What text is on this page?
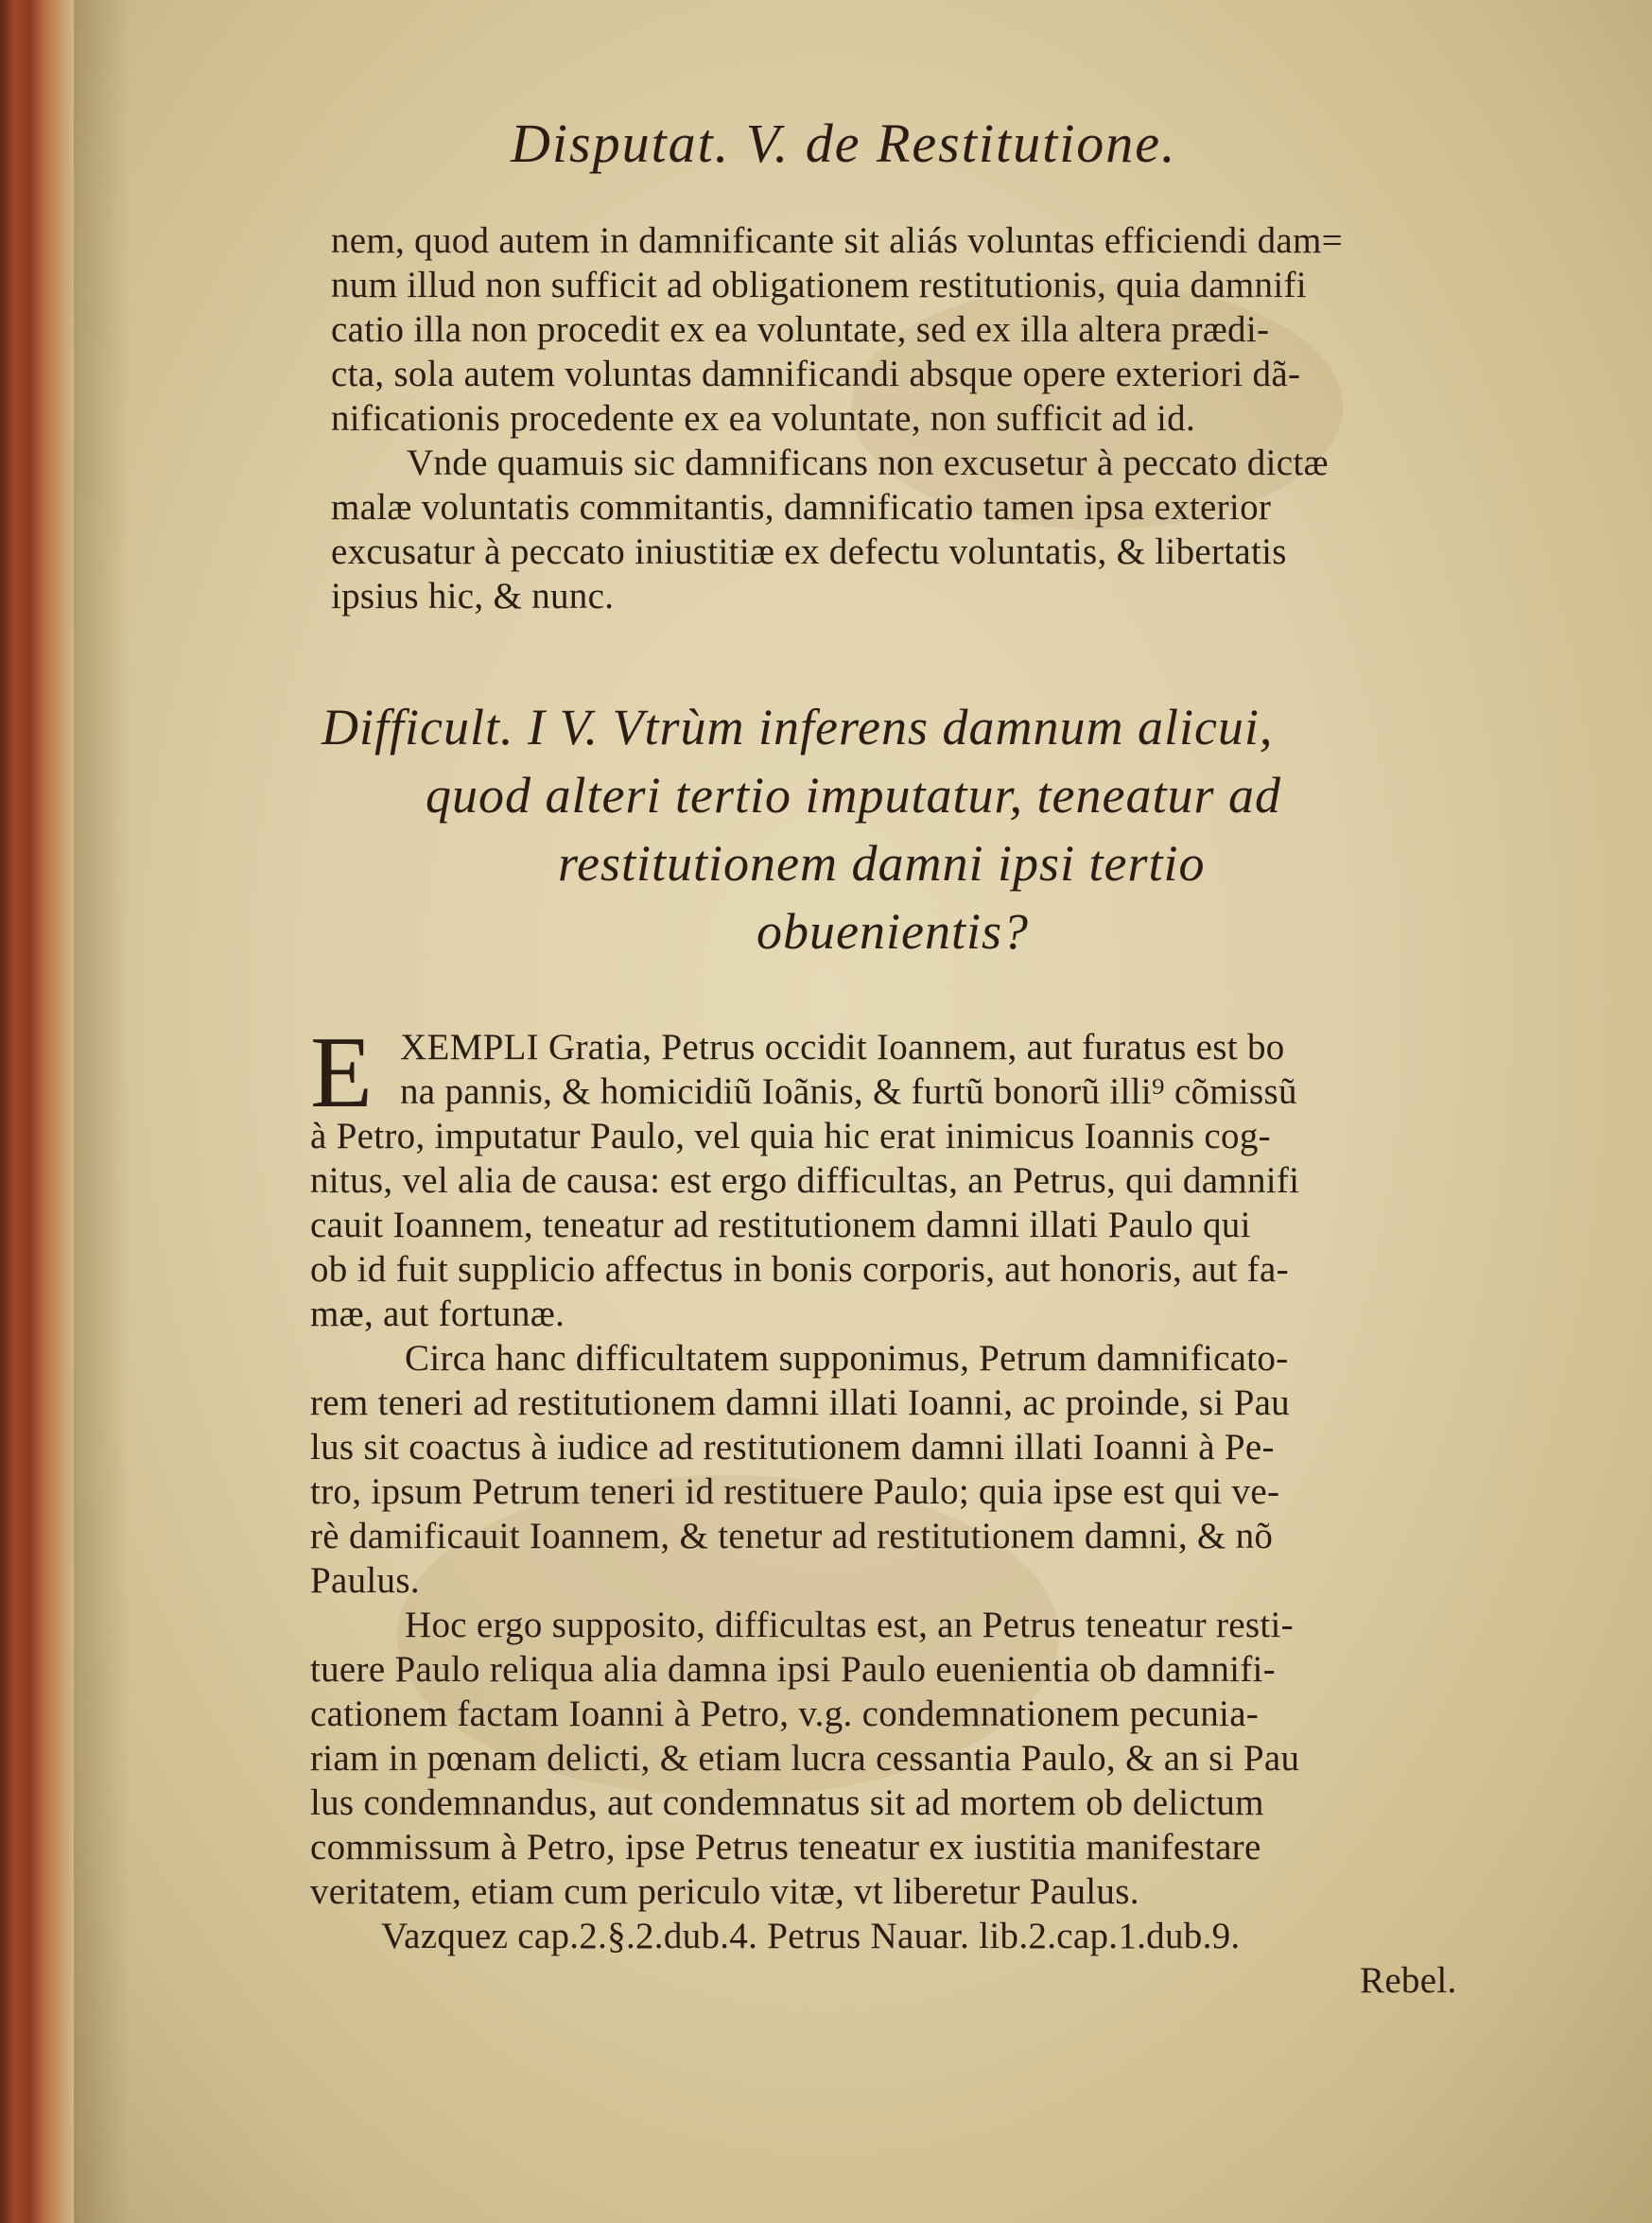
Disputat. V. de Restitutione.
nem, quod autem in damnificante sit aliás voluntas efficiendi dam=
num illud non sufficit ad obligationem restitutionis, quia damnifi
catio illa non procedit ex ea voluntate, sed ex illa altera prædi-
cta, sola autem voluntas damnificandi absque opere exteriori dã-
nificationis procedente ex ea voluntate, non sufficit ad id.
Vnde quamuis sic damnificans non excusetur à peccato dictæ
malæ voluntatis commitantis, damnificatio tamen ipsa exterior
excusatur à peccato iniustitiæ ex defectu voluntatis, & libertatis
ipsius hic, & nunc.
Difficult. I V. Vtrùm inferens damnum alicui,
quod alteri tertio imputatur, teneatur ad
restitutionem damni ipsi tertio
obuenientis?
E XEMPLI Gratia, Petrus occidit Ioannem, aut furatus est bo
na pannis, & homicidiũ Ioãnis, & furtũ bonorũ illi⁹ cõmissũ
à Petro, imputatur Paulo, vel quia hic erat inimicus Ioannis cog-
nitus, vel alia de causa: est ergo difficultas, an Petrus, qui damnifi
cauit Ioannem, teneatur ad restitutionem damni illati Paulo qui
ob id fuit supplicio affectus in bonis corporis, aut honoris, aut fa-
mæ, aut fortunæ.
Circa hanc difficultatem supponimus, Petrum damnificato-
rem teneri ad restitutionem damni illati Ioanni, ac proinde, si Pau
lus sit coactus à iudice ad restitutionem damni illati Ioanni à Pe-
tro, ipsum Petrum teneri id restituere Paulo; quia ipse est qui ve-
rè damificauit Ioannem, & tenetur ad restitutionem damni, & nõ
Paulus.
Hoc ergo supposito, difficultas est, an Petrus teneatur resti-
tuere Paulo reliqua alia damna ipsi Paulo euenientia ob damnifi-
cationem factam Ioanni à Petro, v.g. condemnationem pecunia-
riam in pœnam delicti, & etiam lucra cessantia Paulo, & an si Pau
lus condemnandus, aut condemnatus sit ad mortem ob delictum
commissum à Petro, ipse Petrus teneatur ex iustitia manifestare
veritatem, etiam cum periculo vitæ, vt liberetur Paulus.
Vazquez cap.2.§.2.dub.4. Petrus Nauar. lib.2.cap.1.dub.9.
Rebel.
